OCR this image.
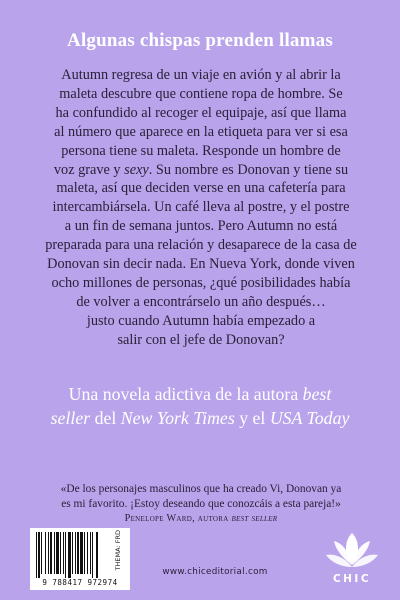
Algunas chispas prenden llamas
Autumn regresa de un viaje en avión y al abrir la
maleta descubre que contiene ropa de hombre. Se
ha confundido al recoger el equipaje, así que llama
al número que aparece en la etiqueta para ver si esa
persona tiene su maleta. Responde un hombre de
voz grave y sexy. Su nombre es Donovan y tiene su
maleta, así que deciden verse en una cafetería para
intercambiársela. Un café lleva al postre, y el postre
a un fin de semana juntos. Pero Autumn no está
preparada para una relación y desaparece de la casa de
Donovan sin decir nada. En Nueva York, donde viven
ocho millones de personas, ¿qué posibilidades había
de volver a encontrárselo un año después…
justo cuando Autumn había empezado a
salir con el jefe de Donovan?
Una novela adictiva de la autora best
seller del New York Times y el USA Today
«De los personajes masculinos que ha creado Vi, Donovan ya
es mi favorito. ¡Estoy deseando que conozcáis a esta pareja!»
Penelope Ward, autora best seller
9 788417 972974
THEMA: FRD
www.chiceditorial.com
CHIC
